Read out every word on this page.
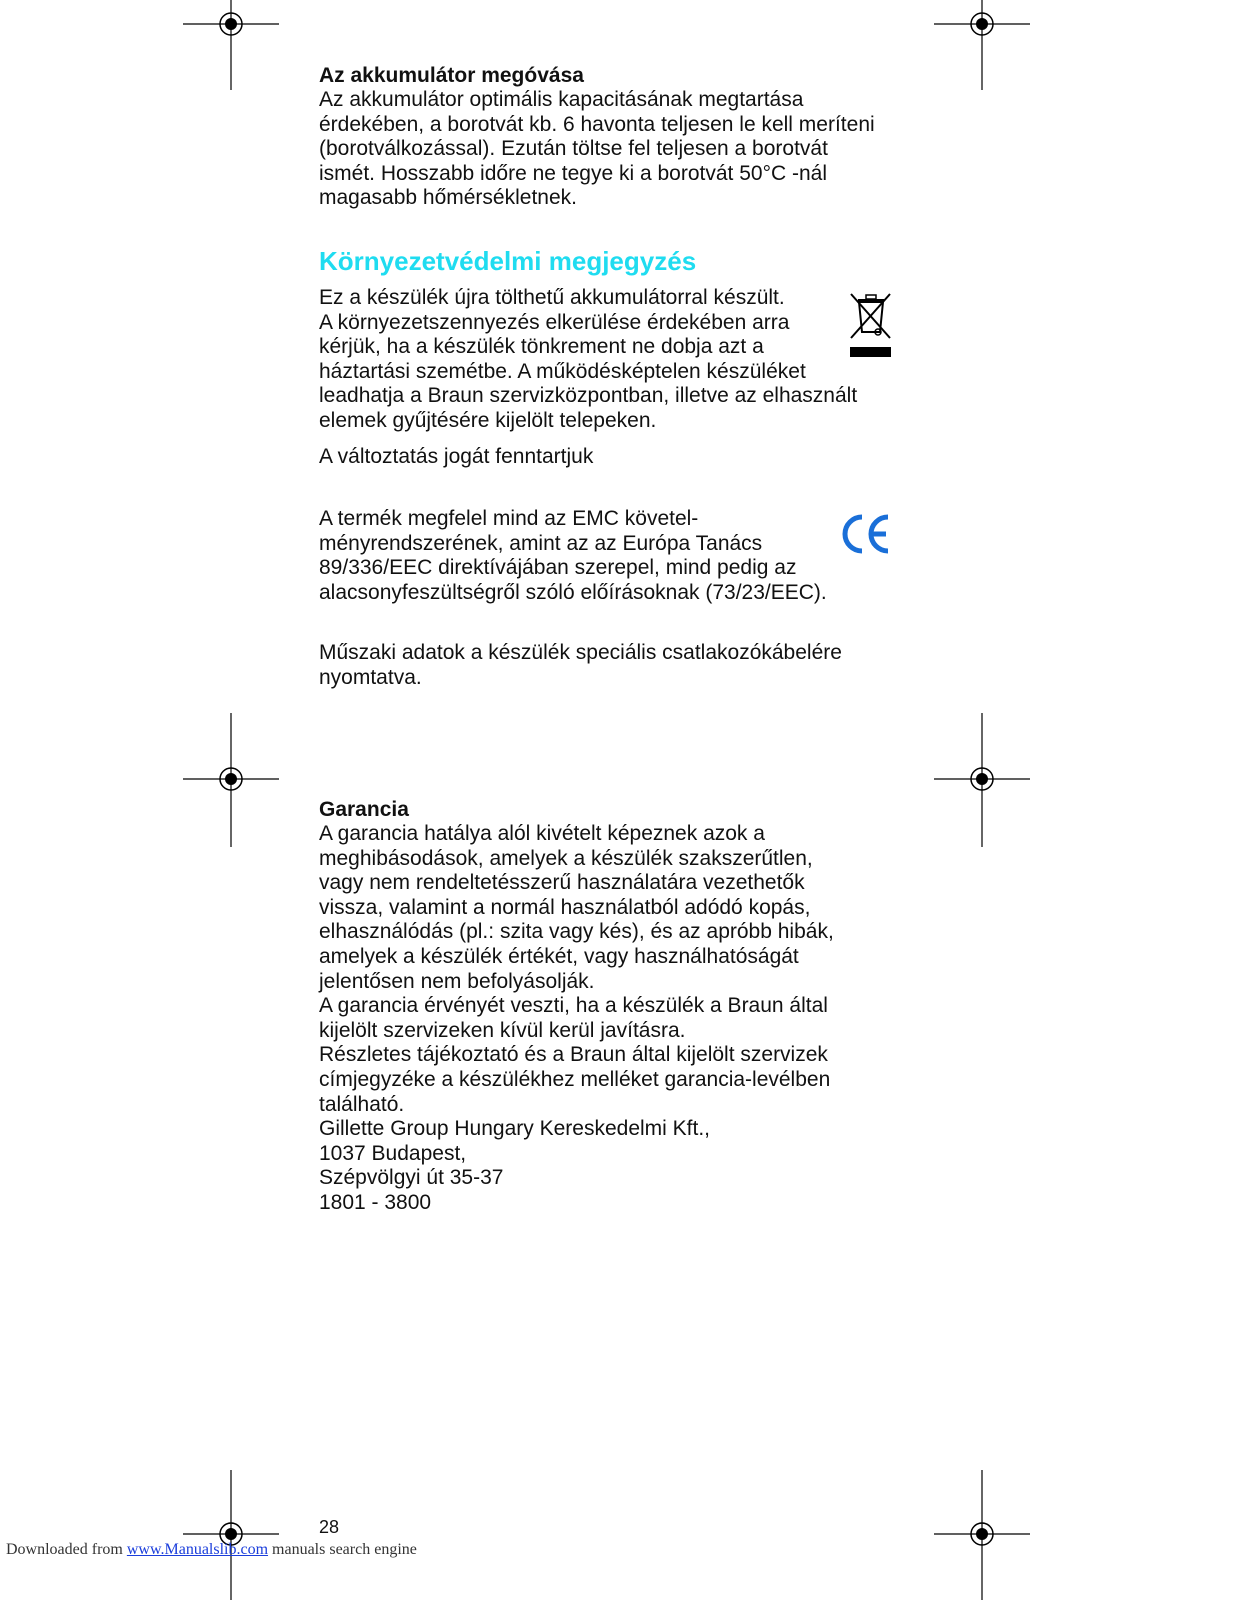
Az akkumulátor megóvása
Az akkumulátor optimális kapacitásának megtartása
érdekében, a borotvát kb. 6 havonta teljesen le kell meríteni
(borotválkozással). Ezután töltse fel teljesen a borotvát
ismét. Hosszabb időre ne tegye ki a borotvát 50°C -nál
magasabb hőmérsékletnek.
Környezetvédelmi megjegyzés
Ez a készülék újra tölthetű akkumulátorral készült.
A környezetszennyezés elkerülése érdekében arra
kérjük, ha a készülék tönkrement ne dobja azt a
háztartási szemétbe. A működésképtelen készüléket
leadhatja a Braun szervizközpontban, illetve az elhasznált
elemek gyűjtésére kijelölt telepeken.
A változtatás jogát fenntartjuk
A termék megfelel mind az EMC követel-
ményrendszerének, amint az az Európa Tanács
89/336/EEC direktívájában szerepel, mind pedig az
alacsonyfeszültségről szóló előírásoknak (73/23/EEC).
Műszaki adatok a készülék speciális csatlakozókábelére
nyomtatva.
Garancia
A garancia hatálya alól kivételt képeznek azok a
meghibásodások, amelyek a készülék szakszerűtlen,
vagy nem rendeltetésszerű használatára vezethetők
vissza, valamint a normál használatból adódó kopás,
elhasználódás (pl.: szita vagy kés), és az apróbb hibák,
amelyek a készülék értékét, vagy használhatóságát
jelentősen nem befolyásolják.
A garancia érvényét veszti, ha a készülék a Braun által
kijelölt szervizeken kívül kerül javításra.
Részletes tájékoztató és a Braun által kijelölt szervizek
címjegyzéke a készülékhez melléket garancia-levélben
található.
Gillette Group Hungary Kereskedelmi Kft.,
1037 Budapest,
Szépvölgyi út 35-37
1801 - 3800
28
Downloaded from www.Manualslib.com manuals search engine
